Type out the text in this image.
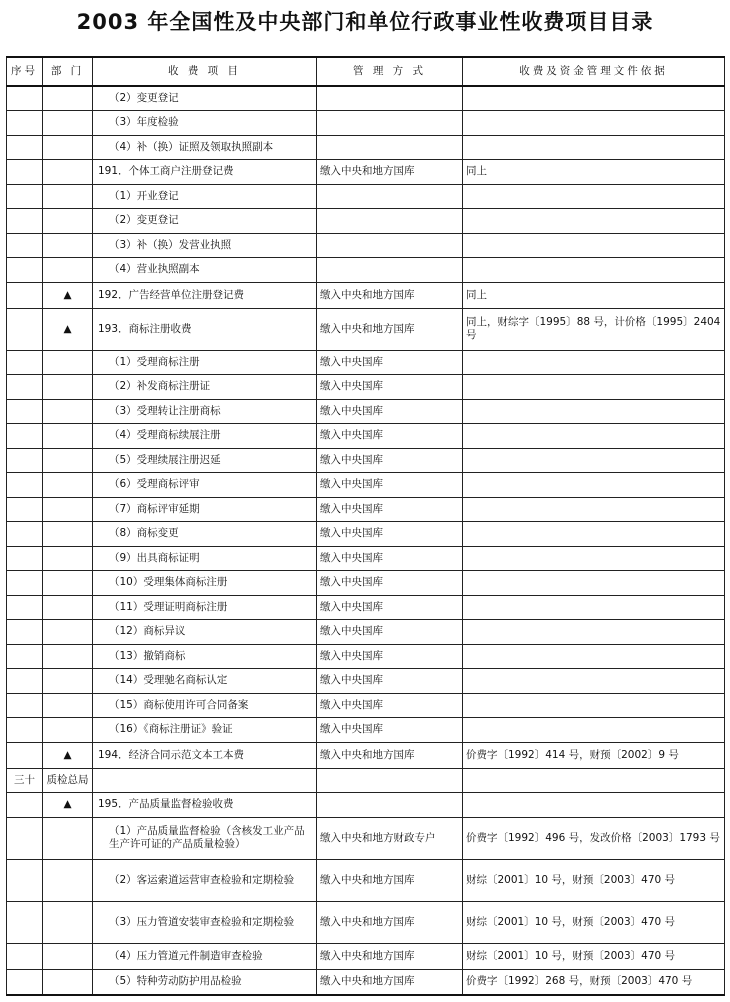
2003 年全国性及中央部门和单位行政事业性收费项目目录
序号	部 门	收 费 项 目	管 理 方 式	收费及资金管理文件依据
		（2）变更登记		
		（3）年度检验		
		（4）补（换）证照及领取执照副本		
		191．个体工商户注册登记费	缴入中央和地方国库	同上
		（1）开业登记		
		（2）变更登记		
		（3）补（换）发营业执照		
		（4）营业执照副本		
	▲	192．广告经营单位注册登记费	缴入中央和地方国库	同上
	▲	193．商标注册收费	缴入中央和地方国库	同上，财综字〔1995〕88 号，计价格〔1995〕2404 号
		（1）受理商标注册	缴入中央国库	
		（2）补发商标注册证	缴入中央国库	
		（3）受理转让注册商标	缴入中央国库	
		（4）受理商标续展注册	缴入中央国库	
		（5）受理续展注册迟延	缴入中央国库	
		（6）受理商标评审	缴入中央国库	
		（7）商标评审延期	缴入中央国库	
		（8）商标变更	缴入中央国库	
		（9）出具商标证明	缴入中央国库	
		（10）受理集体商标注册	缴入中央国库	
		（11）受理证明商标注册	缴入中央国库	
		（12）商标异议	缴入中央国库	
		（13）撤销商标	缴入中央国库	
		（14）受理驰名商标认定	缴入中央国库	
		（15）商标使用许可合同备案	缴入中央国库	
		（16）《商标注册证》验证	缴入中央国库	
	▲	194．经济合同示范文本工本费	缴入中央和地方国库	价费字〔1992〕414 号，财预〔2002〕9 号
三十	质检总局			
	▲	195．产品质量监督检验收费		
		（1）产品质量监督检验（含核发工业产品生产许可证的产品质量检验）	缴入中央和地方财政专户	价费字〔1992〕496 号，发改价格〔2003〕1793 号
		（2）客运索道运营审查检验和定期检验	缴入中央和地方国库	财综〔2001〕10 号，财预〔2003〕470 号
		（3）压力管道安装审查检验和定期检验	缴入中央和地方国库	财综〔2001〕10 号，财预〔2003〕470 号
		（4）压力管道元件制造审查检验	缴入中央和地方国库	财综〔2001〕10 号，财预〔2003〕470 号
		（5）特种劳动防护用品检验	缴入中央和地方国库	价费字〔1992〕268 号，财预〔2003〕470 号
